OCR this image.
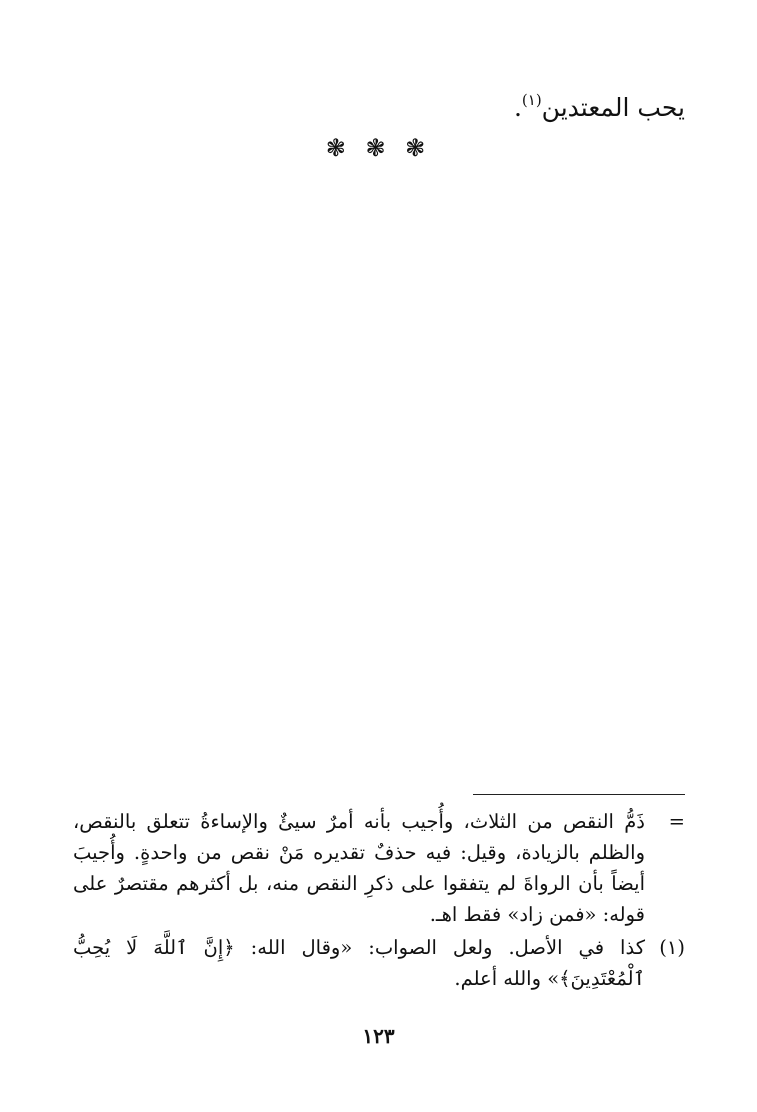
يحب المعتدين$^{(١)}$.
❃ ❃ ❃
=
ذَمُّ النقص من الثلاث، وأُجيب بأنه أمرٌ سيئٌ والإساءةُ تتعلق بالنقص، والظلم بالزيادة، وقيل: فيه حذفٌ تقديره مَنْ نقص من واحدةٍ. وأُجيبَ أيضاً بأن الرواةَ لم يتفقوا على ذكرِ النقص منه، بل أكثرهم مقتصرٌ على قوله: «فمن زاد» فقط اهـ.
(١)
كذا في الأصل. ولعل الصواب: «وقال الله: ﴿إِنَّ ٱللَّهَ لَا يُحِبُّ ٱلْمُعْتَدِينَ﴾» والله أعلم.
١٢٣
